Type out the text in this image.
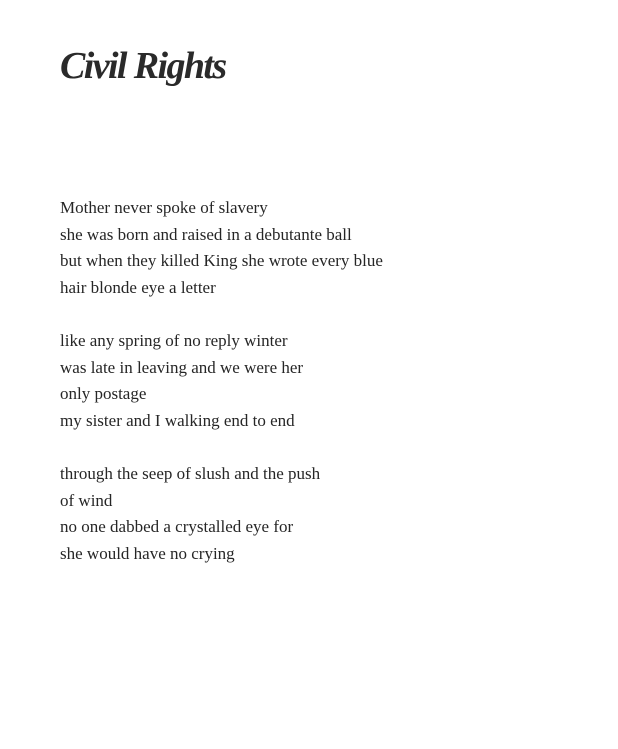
Civil Rights
Mother never spoke of slavery
she was born and raised in a debutante ball
but when they killed King she wrote every blue
hair blonde eye a letter
like any spring of no reply winter
was late in leaving and we were her
only postage
my sister and I walking end to end
through the seep of slush and the push
of wind
no one dabbed a crystalled eye for
she would have no crying
